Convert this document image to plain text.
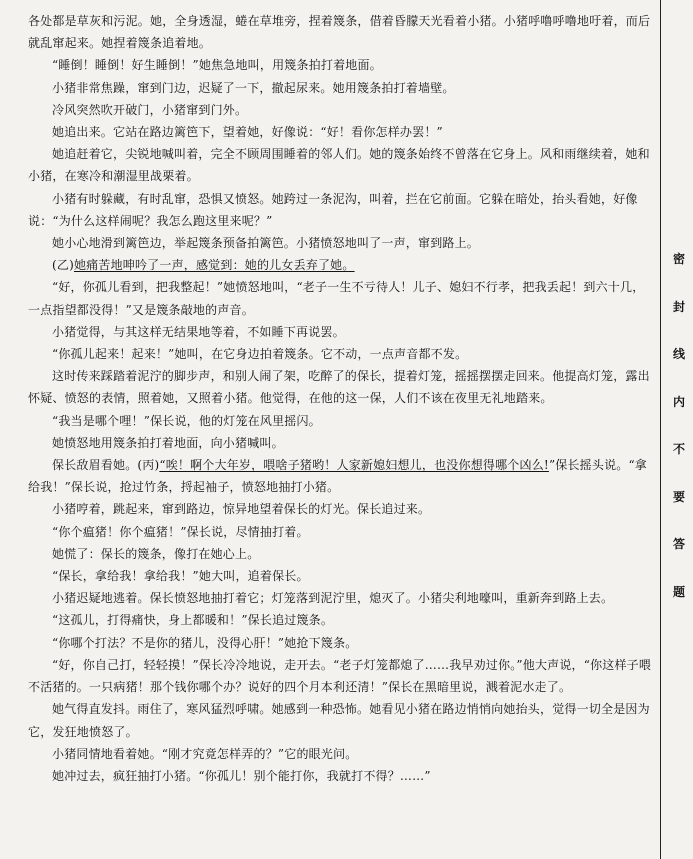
各处都是草灰和污泥。她，全身透湿，蜷在草堆旁，捏着篾条，借着昏朦天光看着小猪。小猪呼噜呼噜地吁着，而后就乱窜起来。她捏着篾条追着地。

“睡倒！睡倒！好生睡倒！”她焦急地叫，用篾条拍打着地面。

小猪非常焦躁，窜到门边，迟疑了一下，撤起尿来。她用篾条拍打着墙壁。

冷风突然吹开破门，小猪窜到门外。

她追出来。它站在路边篱笆下，望着她，好像说：“好！看你怎样办罢！”

她追赶着它，尖锐地喊叫着，完全不顾周围睡着的邻人们。她的篾条始终不曾落在它身上。风和雨继续着，她和小猪，在寒冷和潮湿里战栗着。

小猪有时躲藏，有时乱窜，恐惧又愤怒。她跨过一条泥沟，叫着，拦在它前面。它躲在暗处，抬头看她，好像说：“为什么这样闹呢？我怎么跑这里来呢？”

她小心地滑到篱笆边，举起篾条预备拍篱笆。小猪愤怒地叫了一声，窜到路上。

(乙)她痛苦地呻吟了一声，感觉到：她的儿女丢弃了她。

“好，你孤儿看到，把我整起！”她愤怒地叫，“老子一生不亏待人！儿子、媳妇不行孝，把我丢起！到六十几，一点指望都没得！”又是篾条敲地的声音。

小猪觉得，与其这样无结果地等着，不如睡下再说罢。

“你孤儿起来！起来！”她叫，在它身边拍着篾条。它不动，一点声音都不发。

这时传来踩踏着泥泞的脚步声，和别人闹了架，吃醉了的保长，提着灯笼，摇摇摆摆走回来。他提高灯笼，露出怀疑、愤怒的表情，照着她，又照着小猪。他觉得，在他的这一保，人们不该在夜里无礼地踏来。

“我当是哪个哩！”保长说，他的灯笼在风里摇闪。

她愤怒地用篾条拍打着地面，向小猪喊叫。

保长敌眉看她。(丙)“唉！啊个大年岁，喂啥子猪哟！人家新媳妇想儿，也没你想得哪个凶么!”保长摇头说。“拿给我！”保长说，抢过竹条，捋起袖子，愤怒地抽打小猪。

小猪哼着，跳起来，窜到路边，惊异地望着保长的灯光。保长追过来。

“你个瘟猪！你个瘟猪！”保长说，尽情抽打着。

她慌了：保长的篾条，像打在她心上。

“保长，拿给我！拿给我！”她大叫，追着保长。

小猪迟疑地逃着。保长愤怒地抽打着它；灯笼落到泥泞里，熄灭了。小猪尖利地嚎叫，重新奔到路上去。

“这孤儿，打得痛快，身上都暖和！”保长追过篾条。

“你哪个打法？不是你的猪儿，没得心肝！”她抢下篾条。

“好，你自己打，轻轻摸！”保长冷冷地说，走开去。“老子灯笼都熄了……我早劝过你。”他大声说，“你这样子喂不活猪的。一只病猪！那个钱你哪个办？说好的四个月本利还清！”保长在黑暗里说，溅着泥水走了。

她气得直发抖。雨住了，寒风猛烈呼啸。她感到一种恐怖。她看见小猪在路边悄悄向她抬头，觉得一切全是因为它，发狂地愤怒了。

小猪同情地看着她。“刚才究竟怎样弄的？”它的眼光问。

她冲过去，疯狂抽打小猪。“你孤儿！别个能打你，我就打不得？……”

密
封
线
内
不
要
答
题
